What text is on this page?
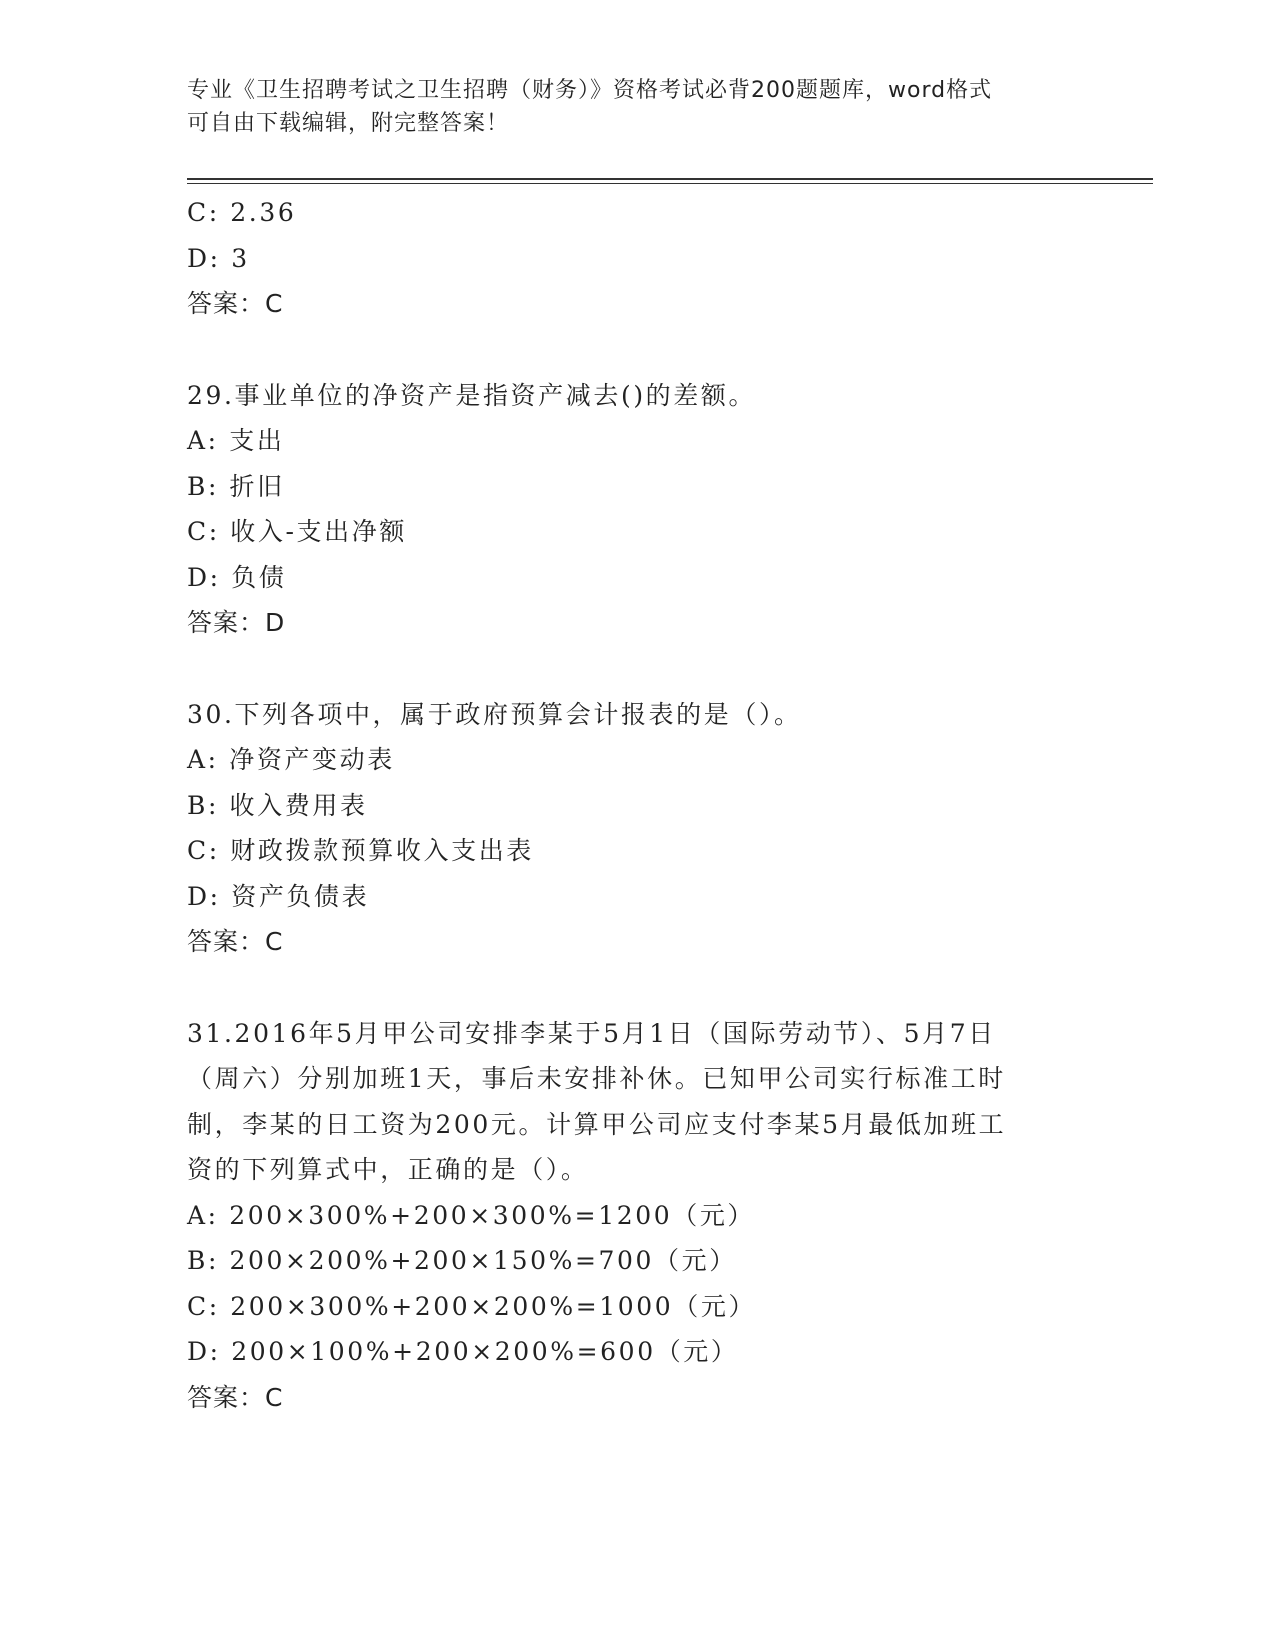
专业《卫生招聘考试之卫生招聘（财务）》资格考试必背200题题库，word格式

可自由下载编辑，附完整答案！

C: 2.36

D: 3

答案：C

29.事业单位的净资产是指资产减去()的差额。

A: 支出

B: 折旧

C: 收入-支出净额

D: 负债

答案：D

30.下列各项中，属于政府预算会计报表的是（）。

A: 净资产变动表

B: 收入费用表

C: 财政拨款预算收入支出表

D: 资产负债表

答案：C

31.2016年5月甲公司安排李某于5月1日（国际劳动节）、5月7日

（周六）分别加班1天，事后未安排补休。已知甲公司实行标准工时

制，李某的日工资为200元。计算甲公司应支付李某5月最低加班工

资的下列算式中，正确的是（）。

A: 200×300%+200×300%=1200（元）

B: 200×200%+200×150%=700（元）

C: 200×300%+200×200%=1000（元）

D: 200×100%+200×200%=600（元）

答案：C
